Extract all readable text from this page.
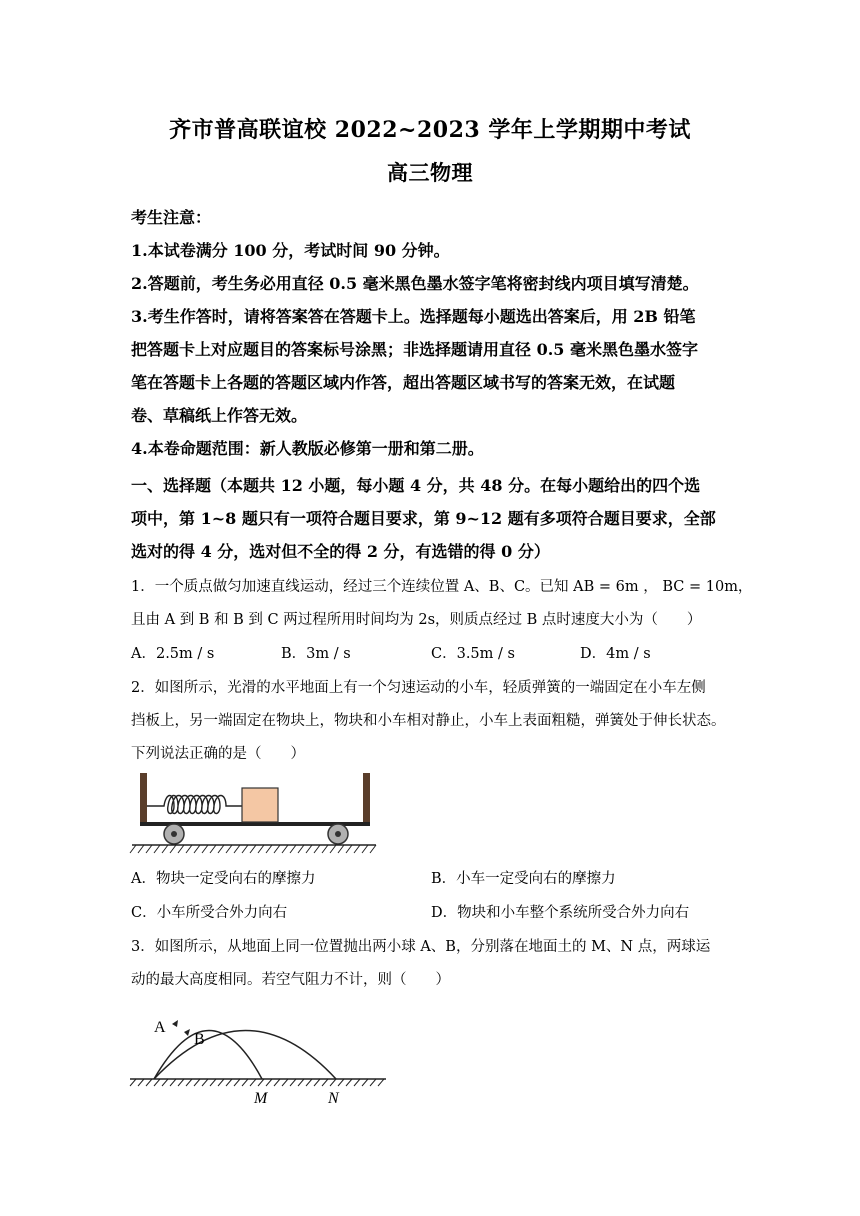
齐市普高联谊校 2022~2023 学年上学期期中考试
高三物理
考生注意：
1.本试卷满分 100 分，考试时间 90 分钟。
2.答题前，考生务必用直径 0.5 毫米黑色墨水签字笔将密封线内项目填写清楚。
3.考生作答时，请将答案答在答题卡上。选择题每小题选出答案后，用 2B 铅笔
把答题卡上对应题目的答案标号涂黑；非选择题请用直径 0.5 毫米黑色墨水签字
笔在答题卡上各题的答题区域内作答，超出答题区域书写的答案无效，在试题
卷、草稿纸上作答无效。
4.本卷命题范围：新人教版必修第一册和第二册。
一、选择题（本题共 12 小题，每小题 4 分，共 48 分。在每小题给出的四个选
项中，第 1~8 题只有一项符合题目要求，第 9~12 题有多项符合题目要求，全部
选对的得 4 分，选对但不全的得 2 分，有选错的得 0 分）
1．一个质点做匀加速直线运动，经过三个连续位置 A、B、C。已知 AB = 6m ， BC = 10m，
且由 A 到 B 和 B 到 C 两过程所用时间均为 2s，则质点经过 B 点时速度大小为（　　）
A．2.5m / s	B．3m / s	C．3.5m / s	D．4m / s
2．如图所示，光滑的水平地面上有一个匀速运动的小车，轻质弹簧的一端固定在小车左侧
挡板上，另一端固定在物块上，物块和小车相对静止，小车上表面粗糙，弹簧处于伸长状态。
下列说法正确的是（　　）
A．物块一定受向右的摩擦力	B．小车一定受向右的摩擦力
C．小车所受合外力向右	D．物块和小车整个系统所受合外力向右
3．如图所示，从地面上同一位置抛出两小球 A、B，分别落在地面土的 M、N 点，两球运
动的最大高度相同。若空气阻力不计，则（　　）
A
B
M	N
